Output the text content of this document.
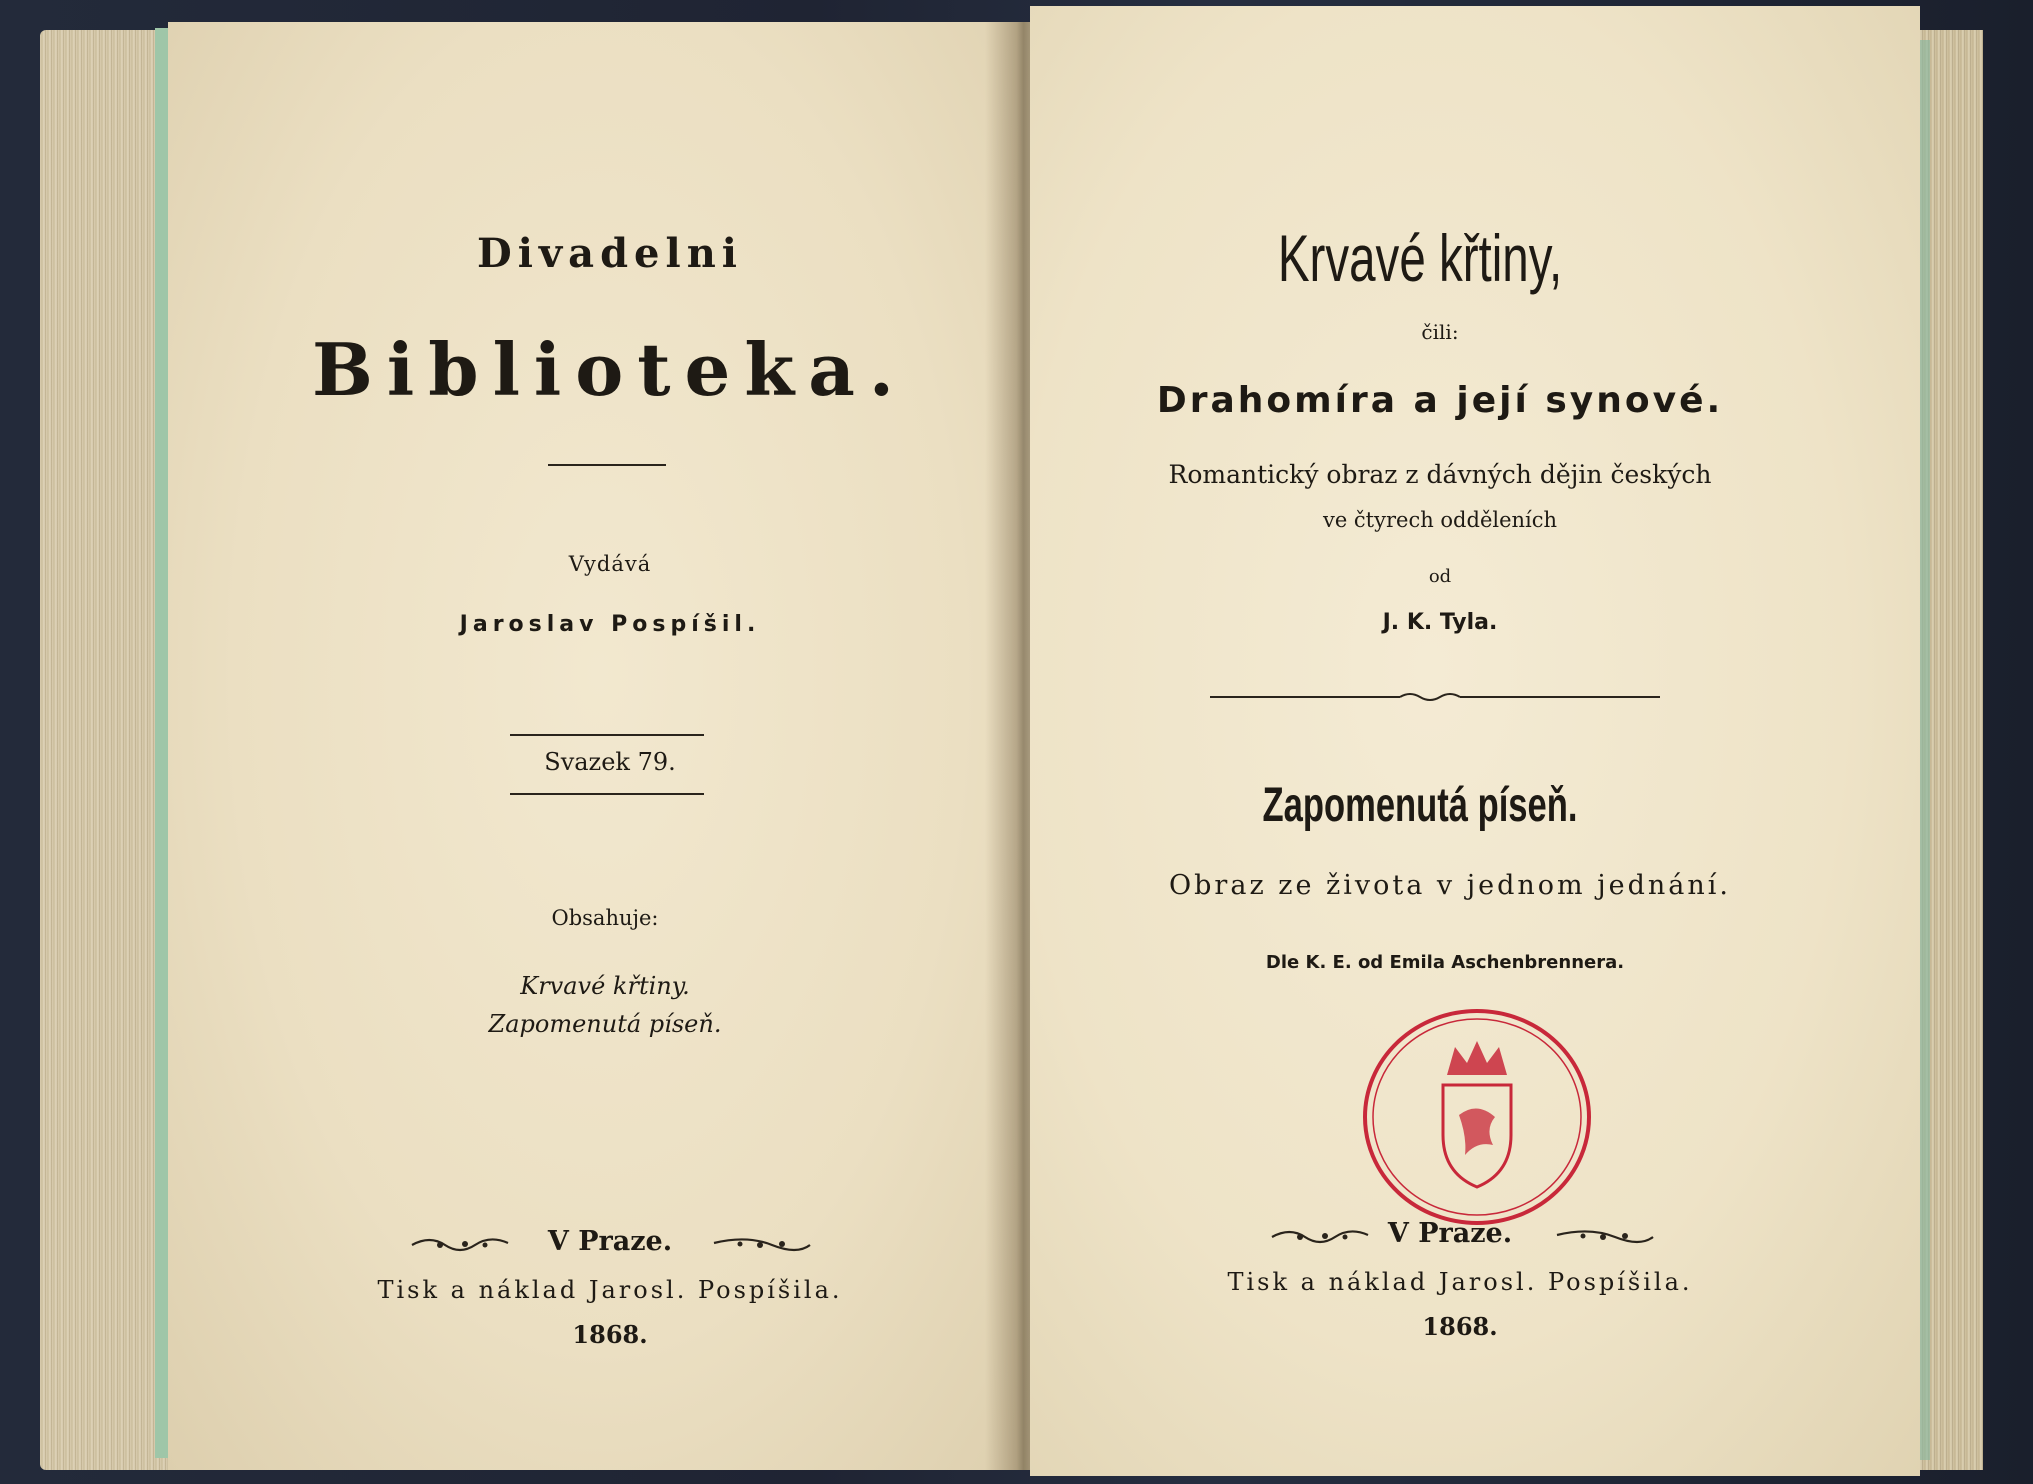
Divadelni
Biblioteka.
Vydává
Jaroslav Pospíšil.
Svazek 79.
Obsahuje:
Krvavé křtiny.
Zapomenutá píseň.
V Praze.
Tisk a náklad Jarosl. Pospíšila.
1868.
Krvavé křtiny,
čili:
Drahomíra a její synové.
Romantický obraz z dávných dějin českých
ve čtyrech odděleních
od
J. K. Tyla.
Zapomenutá píseň.
Obraz ze života v jednom jednání.
Dle K. E. od Emila Aschenbrennera.
V Praze.
Tisk a náklad Jarosl. Pospíšila.
1868.
